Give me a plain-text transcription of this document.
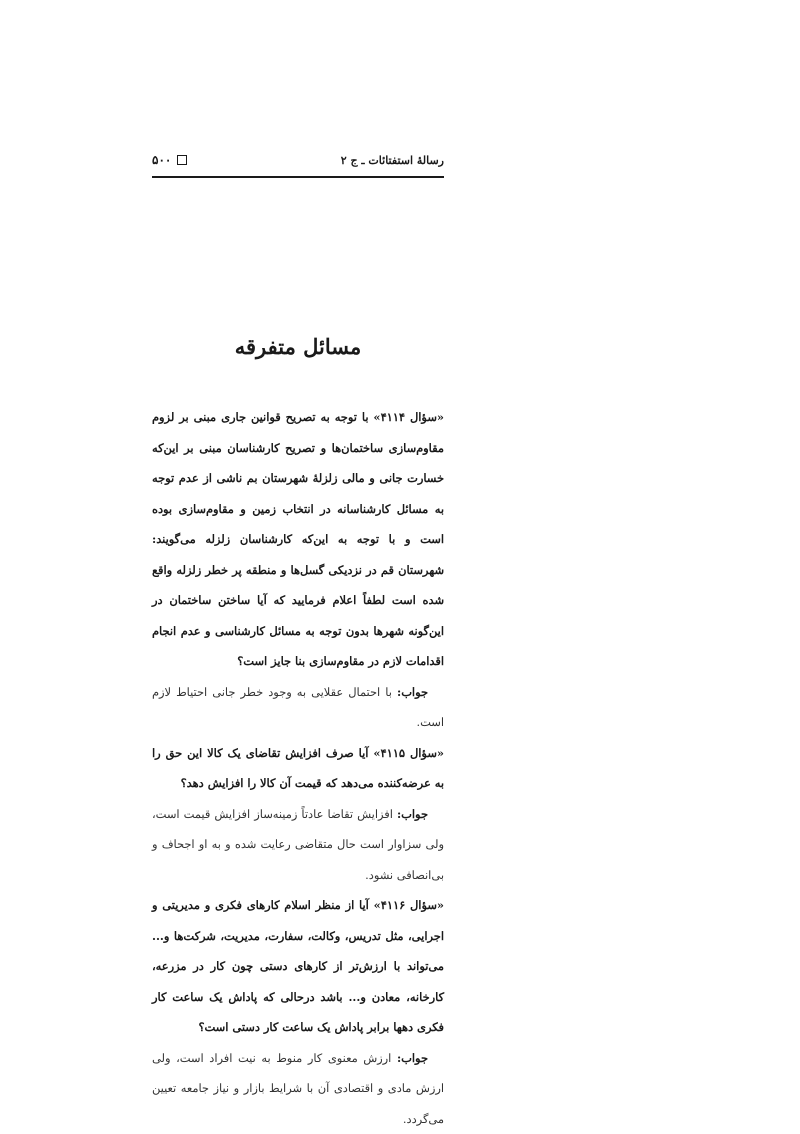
۵۰۰	رسالهٔ استفتائات ـ ج ۲
مسائل متفرقه

«سؤال ۴۱۱۴» با توجه به تصریح قوانین جاری مبنی بر لزوم مقاوم‌سازی ساختمان‌ها و تصریح کارشناسان مبنی بر این‌که خسارت جانی و مالی زلزلهٔ شهرستان بم ناشی از عدم توجه به مسائل کارشناسانه در انتخاب زمین و مقاوم‌سازی بوده است و با توجه به این‌که کارشناسان زلزله می‌گویند: شهرستان قم در نزدیکی گسل‌ها و منطقه پر خطر زلزله واقع شده است لطفاً اعلام فرمایید که آیا ساختن ساختمان در این‌گونه شهرها بدون توجه به مسائل کارشناسی و عدم انجام اقدامات لازم در مقاوم‌سازی بنا جایز است؟

جواب: با احتمال عقلایی به وجود خطر جانی احتیاط لازم است.

«سؤال ۴۱۱۵» آیا صرف افزایش تقاضای یک کالا این حق را به عرضه‌کننده می‌دهد که قیمت آن کالا را افزایش دهد؟

جواب: افزایش تقاضا عادتاً زمینه‌ساز افزایش قیمت است، ولی سزاوار است حال متقاضی رعایت شده و به او اجحاف و بی‌انصافی نشود.

«سؤال ۴۱۱۶» آیا از منظر اسلام کارهای فکری و مدیریتی و اجرایی، مثل تدریس، وکالت، سفارت، مدیریت، شرکت‌ها و... می‌تواند با ارزش‌تر از کارهای دستی چون کار در مزرعه، کارخانه، معادن و... باشد درحالی که پاداش یک ساعت کار فکری دهها برابر پاداش یک ساعت کار دستی است؟

جواب: ارزش معنوی کار منوط به نیت افراد است، ولی ارزش مادی و اقتصادی آن با شرایط بازار و نیاز جامعه تعیین می‌گردد.
